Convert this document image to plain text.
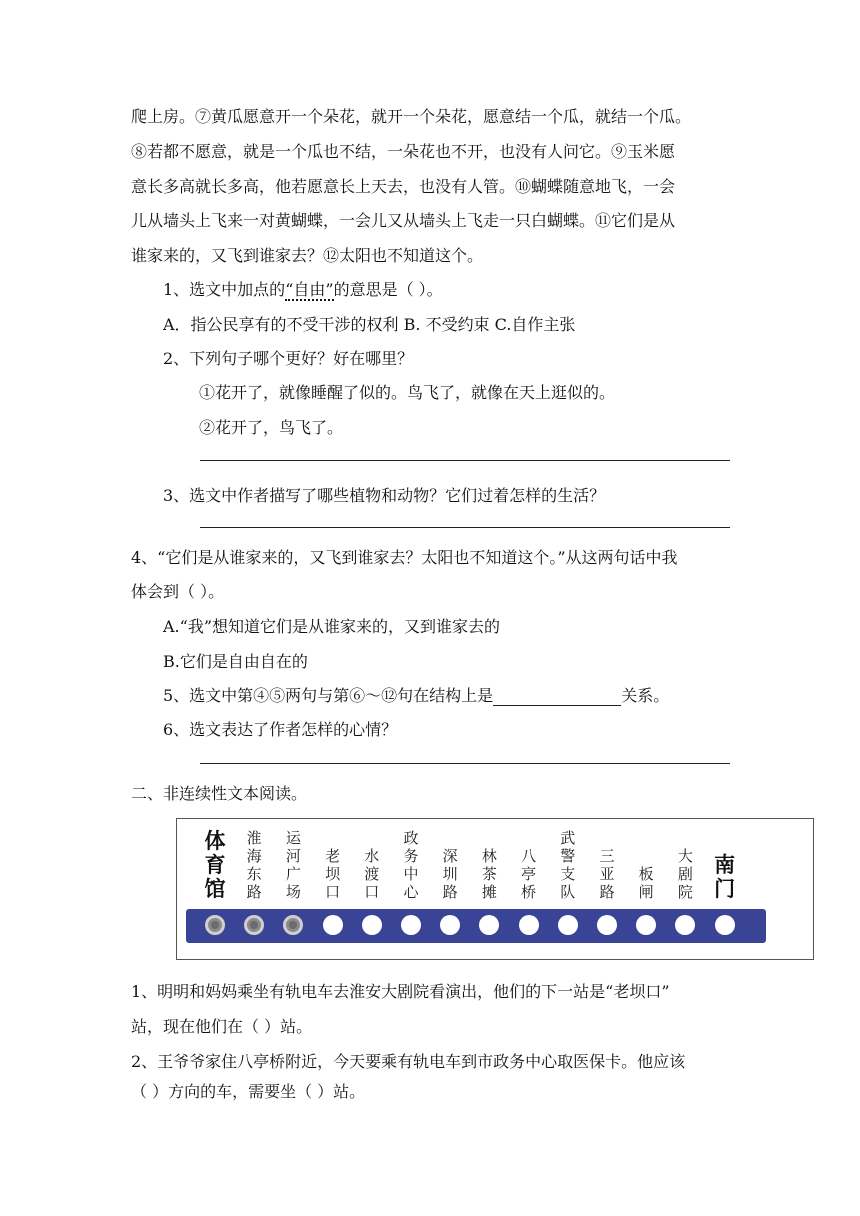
爬上房。⑦黄瓜愿意开一个朵花，就开一个朵花，愿意结一个瓜，就结一个瓜。
⑧若都不愿意，就是一个瓜也不结，一朵花也不开，也没有人问它。⑨玉米愿
意长多高就长多高，他若愿意长上天去，也没有人管。⑩蝴蝶随意地飞，一会
儿从墙头上飞来一对黄蝴蝶，一会儿又从墙头上飞走一只白蝴蝶。⑪它们是从
谁家来的，又飞到谁家去？⑫太阳也不知道这个。
1、选文中加点的“自由”的意思是（ ）。
A．指公民享有的不受干涉的权利 B. 不受约束 C.自作主张
2、下列句子哪个更好？好在哪里？
①花开了，就像睡醒了似的。鸟飞了，就像在天上逛似的。
②花开了，鸟飞了。
3、选文中作者描写了哪些植物和动物？它们过着怎样的生活？
4、“它们是从谁家来的，又飞到谁家去？太阳也不知道这个。”从这两句话中我
体会到（ ）。
A.“我”想知道它们是从谁家来的，又到谁家去的
B.它们是自由自在的
5、选文中第④⑤两句与第⑥～⑫句在结构上是	关系。
6、选文表达了作者怎样的心情？
二、非连续性文本阅读。
体育馆
淮海东路
运河广场
老坝口
水渡口
政务中心
深圳路
林茶摊
八亭桥
武警支队
三亚路
板闸
大剧院
南门
1、明明和妈妈乘坐有轨电车去淮安大剧院看演出，他们的下一站是“老坝口”
站，现在他们在（ ）站。
2、王爷爷家住八亭桥附近，今天要乘有轨电车到市政务中心取医保卡。他应该
（ ）方向的车，需要坐（ ）站。
